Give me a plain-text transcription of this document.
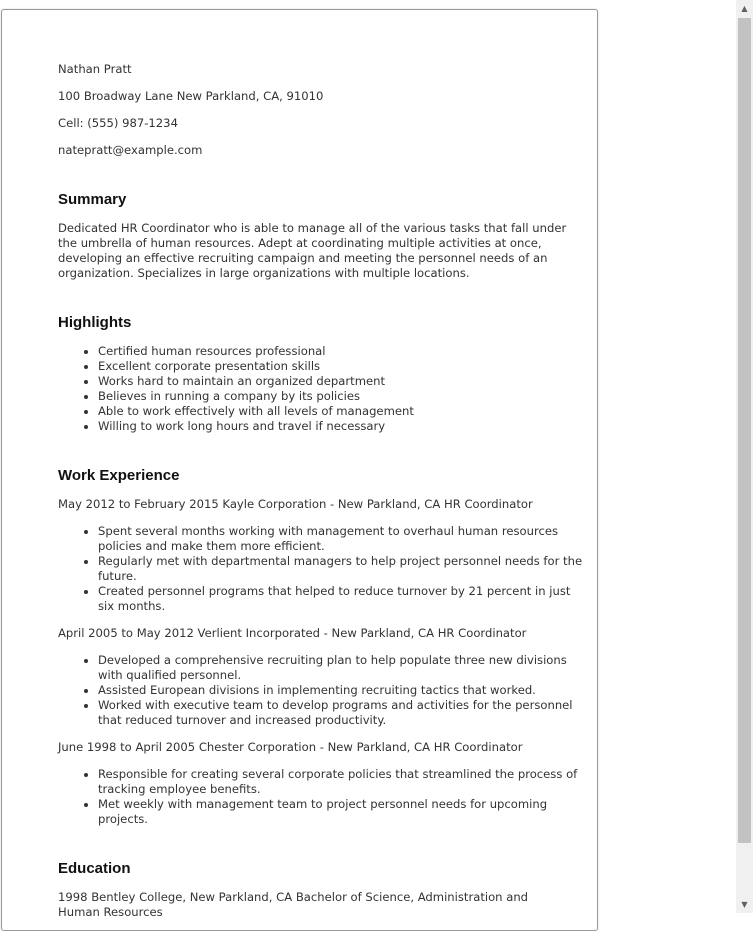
Nathan Pratt
100 Broadway Lane New Parkland, CA, 91010
Cell: (555) 987-1234
natepratt@example.com
Summary

Dedicated HR Coordinator who is able to manage all of the various tasks that fall under the umbrella of human resources. Adept at coordinating multiple activities at once, developing an effective recruiting campaign and meeting the personnel needs of an organization. Specializes in large organizations with multiple locations.

Highlights
• Certified human resources professional
• Excellent corporate presentation skills
• Works hard to maintain an organized department
• Believes in running a company by its policies
• Able to work effectively with all levels of management
• Willing to work long hours and travel if necessary
Work Experience
May 2012 to February 2015 Kayle Corporation - New Parkland, CA HR Coordinator
• Spent several months working with management to overhaul human resources policies and make them more efficient.
• Regularly met with departmental managers to help project personnel needs for the future.
• Created personnel programs that helped to reduce turnover by 21 percent in just six months.
April 2005 to May 2012 Verlient Incorporated - New Parkland, CA HR Coordinator
• Developed a comprehensive recruiting plan to help populate three new divisions with qualified personnel.
• Assisted European divisions in implementing recruiting tactics that worked.
• Worked with executive team to develop programs and activities for the personnel that reduced turnover and increased productivity.
June 1998 to April 2005 Chester Corporation - New Parkland, CA HR Coordinator
• Responsible for creating several corporate policies that streamlined the process of tracking employee benefits.
• Met weekly with management team to project personnel needs for upcoming projects.
Education
1998 Bentley College, New Parkland, CA Bachelor of Science, Administration and Human Resources
▲
▼
